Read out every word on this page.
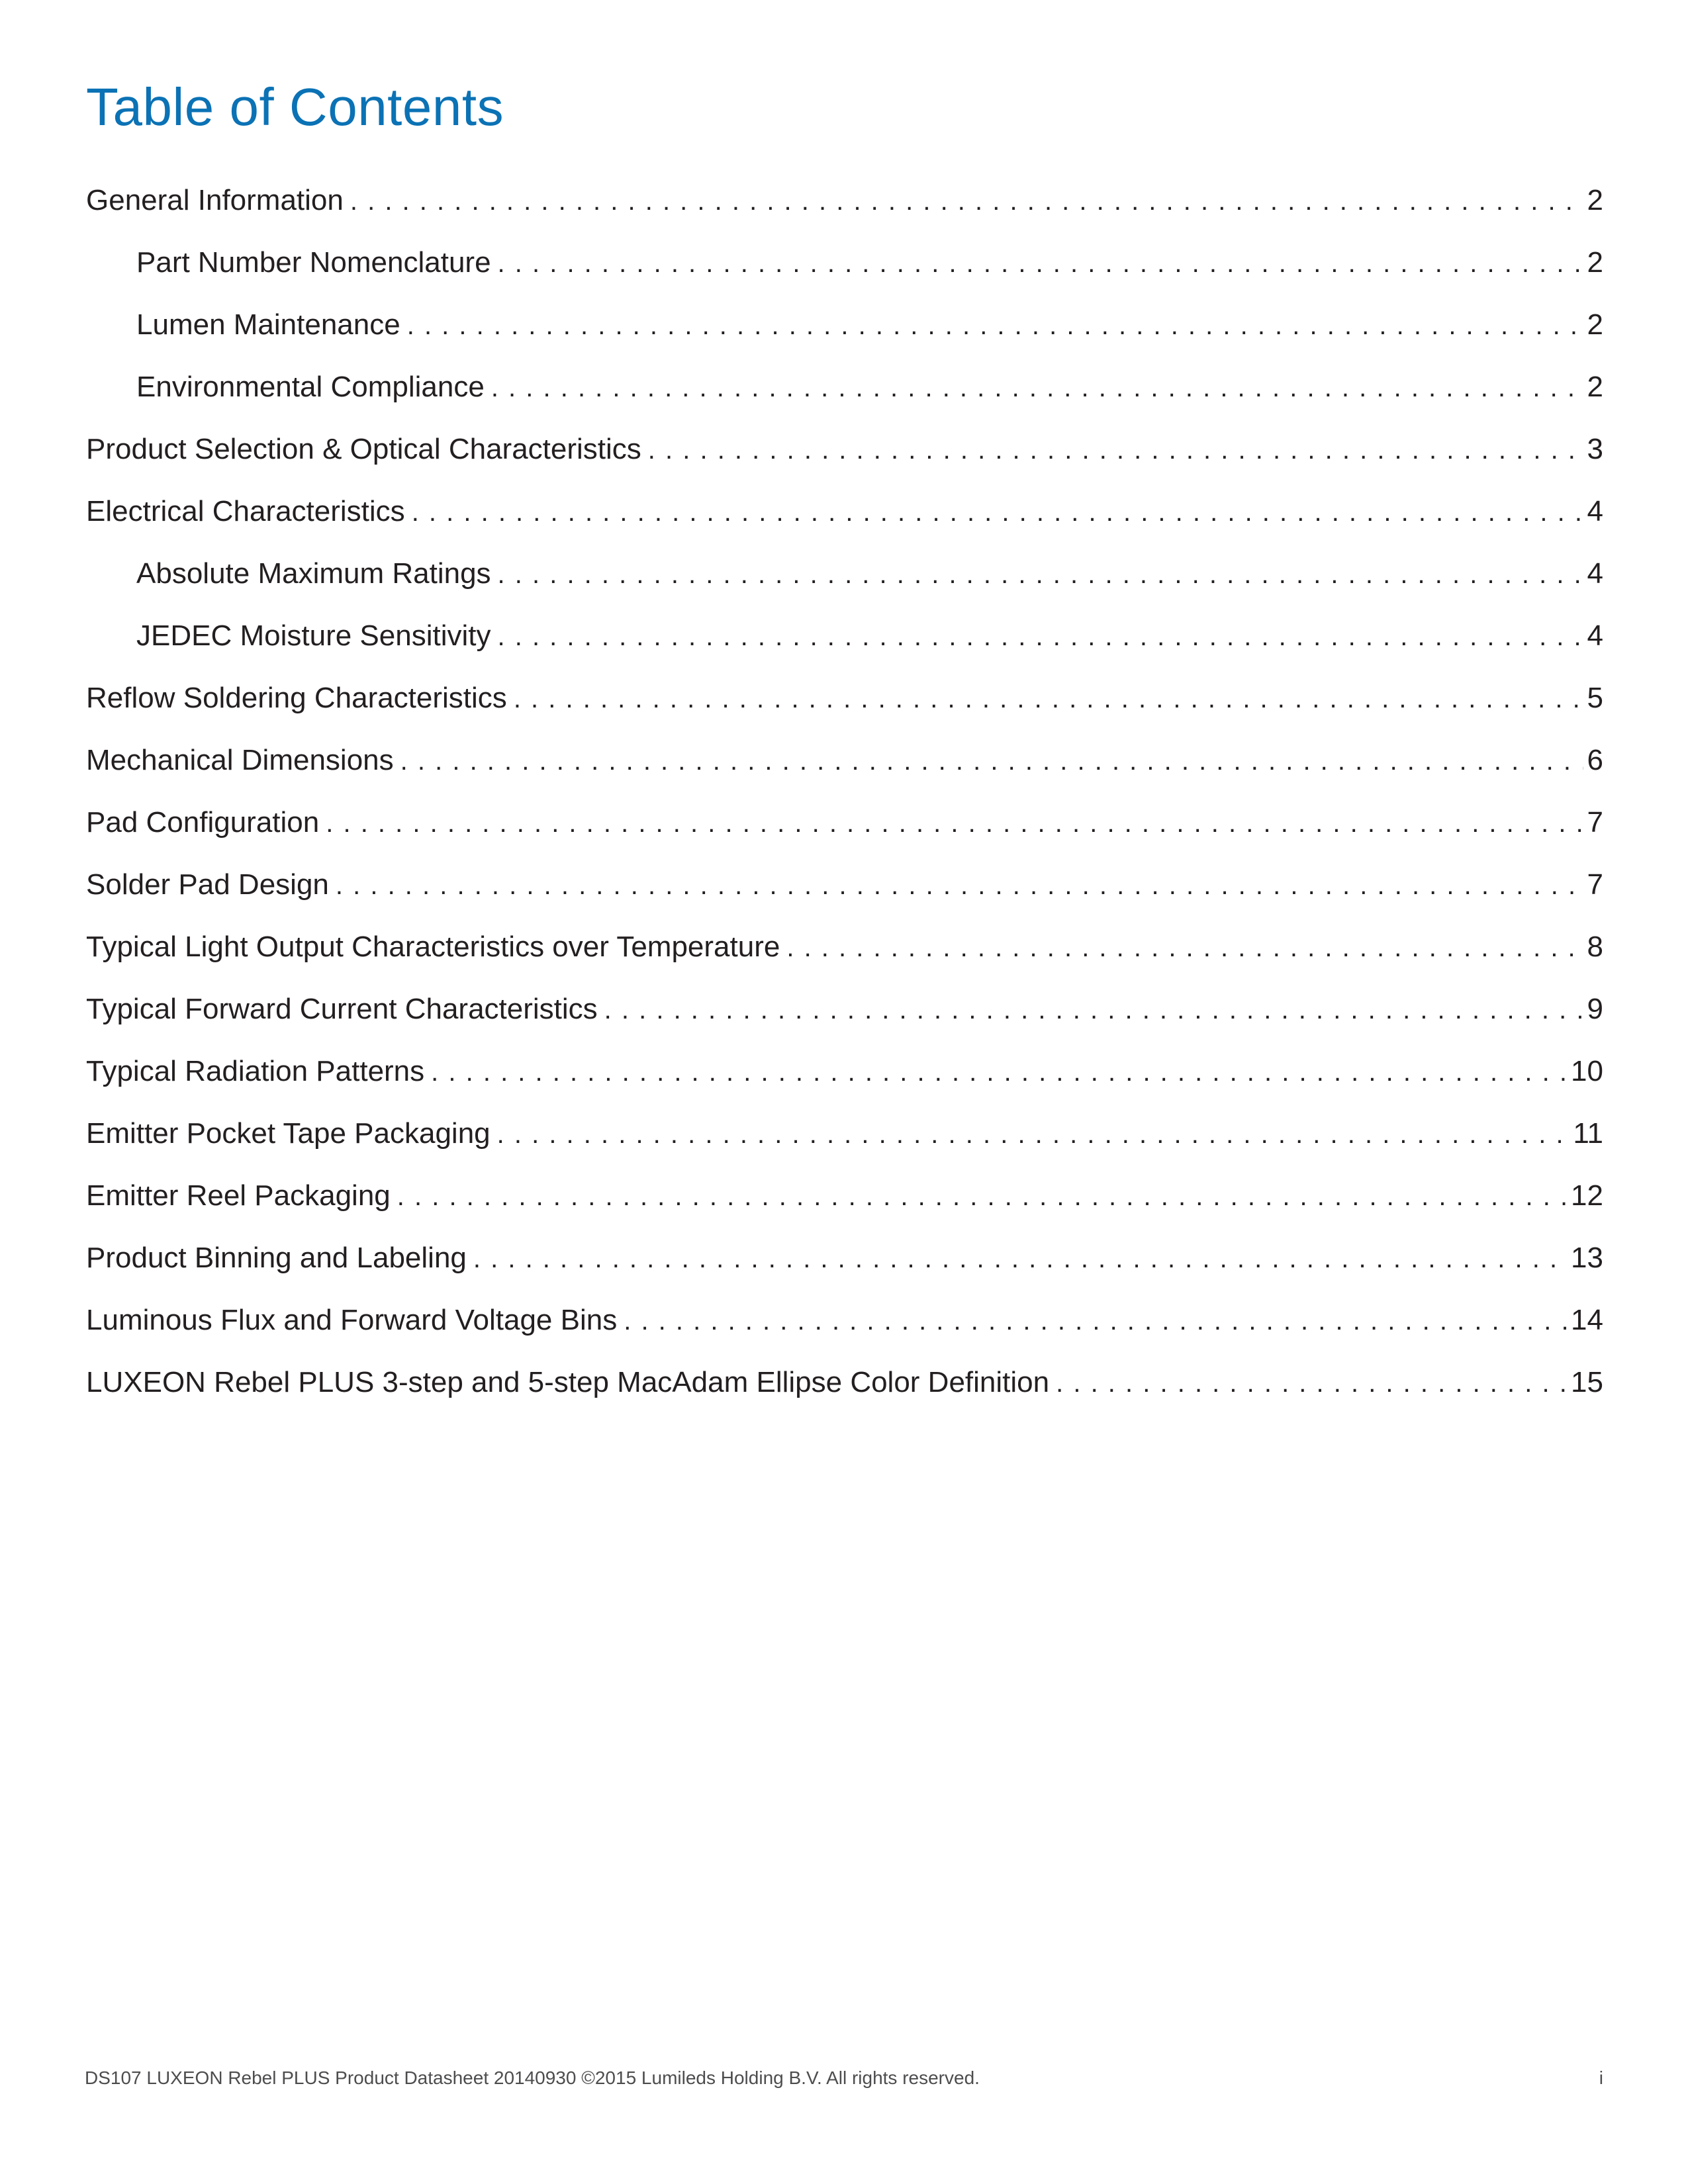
Table of Contents
General Information . . .	2
Part Number Nomenclature . . .	2
Lumen Maintenance . . .	2
Environmental Compliance . . .	2
Product Selection & Optical Characteristics . . .	3
Electrical Characteristics . . .	4
Absolute Maximum Ratings . . .	4
JEDEC Moisture Sensitivity . . .	4
Reflow Soldering Characteristics . . .	5
Mechanical Dimensions . . .	6
Pad Configuration . . .	7
Solder Pad Design . . .	7
Typical Light Output Characteristics over Temperature . . .	8
Typical Forward Current Characteristics . . .	9
Typical Radiation Patterns . . .	10
Emitter Pocket Tape Packaging . . .	11
Emitter Reel Packaging . . .	12
Product Binning and Labeling . . .	13
Luminous Flux and Forward Voltage Bins . . .	14
LUXEON Rebel PLUS 3-step and 5-step MacAdam Ellipse Color Definition . . .	15
DS107 LUXEON Rebel PLUS Product Datasheet 20140930 ©2015 Lumileds Holding B.V. All rights reserved.	i
